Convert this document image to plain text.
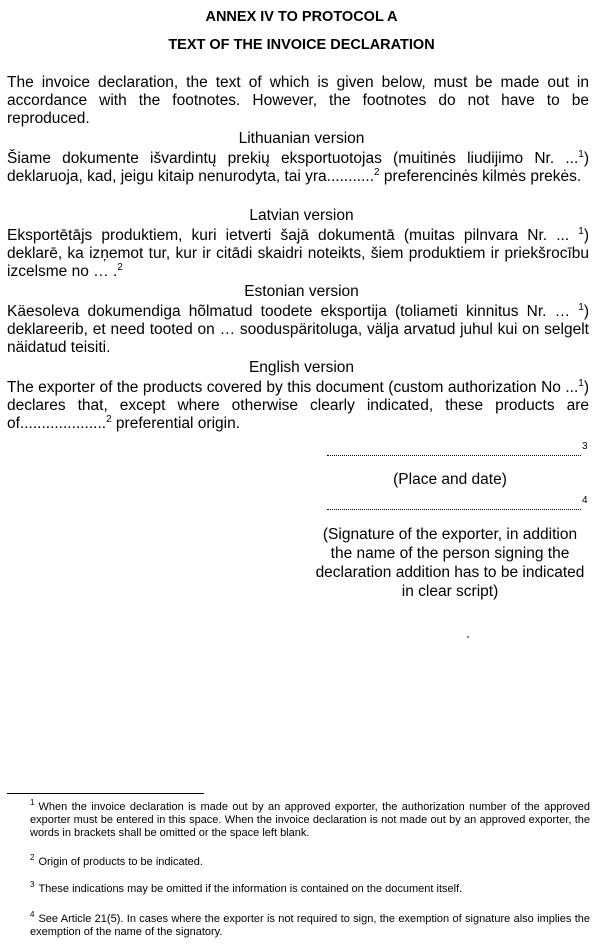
ANNEX IV TO PROTOCOL A
TEXT OF THE INVOICE DECLARATION
The invoice declaration, the text of which is given below, must be made out in accordance with the footnotes. However, the footnotes do not have to be reproduced.
Lithuanian version
Šiame dokumente išvardintų prekių eksportuotojas (muitinės liudijimo Nr. ...$^1$) deklaruoja, kad, jeigu kitaip nenurodyta, tai yra...........$^2$ preferencinės kilmės prekės.
Latvian version
Eksportētājs produktiem, kuri ietverti šajā dokumentā (muitas pilnvara Nr. ... $^1$) deklarē, ka izņemot tur, kur ir citādi skaidri noteikts, šiem produktiem ir priekšrocību izcelsme no … .$^2$
Estonian version
Käesoleva dokumendiga hõlmatud toodete eksportija (toliameti kinnitus Nr. … $^1$) deklareerib, et need tooted on … sooduspäritoluga, välja arvatud juhul kui on selgelt näidatud teisiti.
English version
The exporter of the products covered by this document (custom authorization No ...$^1$) declares that, except where otherwise clearly indicated, these products are of....................$^2$ preferential origin.
3
(Place and date)
4
(Signature of the exporter, in addition the name of the person signing the declaration addition has to be indicated in clear script)
$^1$ When the invoice declaration is made out by an approved exporter, the authorization number of the approved exporter must be entered in this space. When the invoice declaration is not made out by an approved exporter, the words in brackets shall be omitted or the space left blank.
$^2$ Origin of products to be indicated.
$^3$ These indications may be omitted if the information is contained on the document itself.
$^4$ See Article 21(5). In cases where the exporter is not required to sign, the exemption of signature also implies the exemption of the name of the signatory.
